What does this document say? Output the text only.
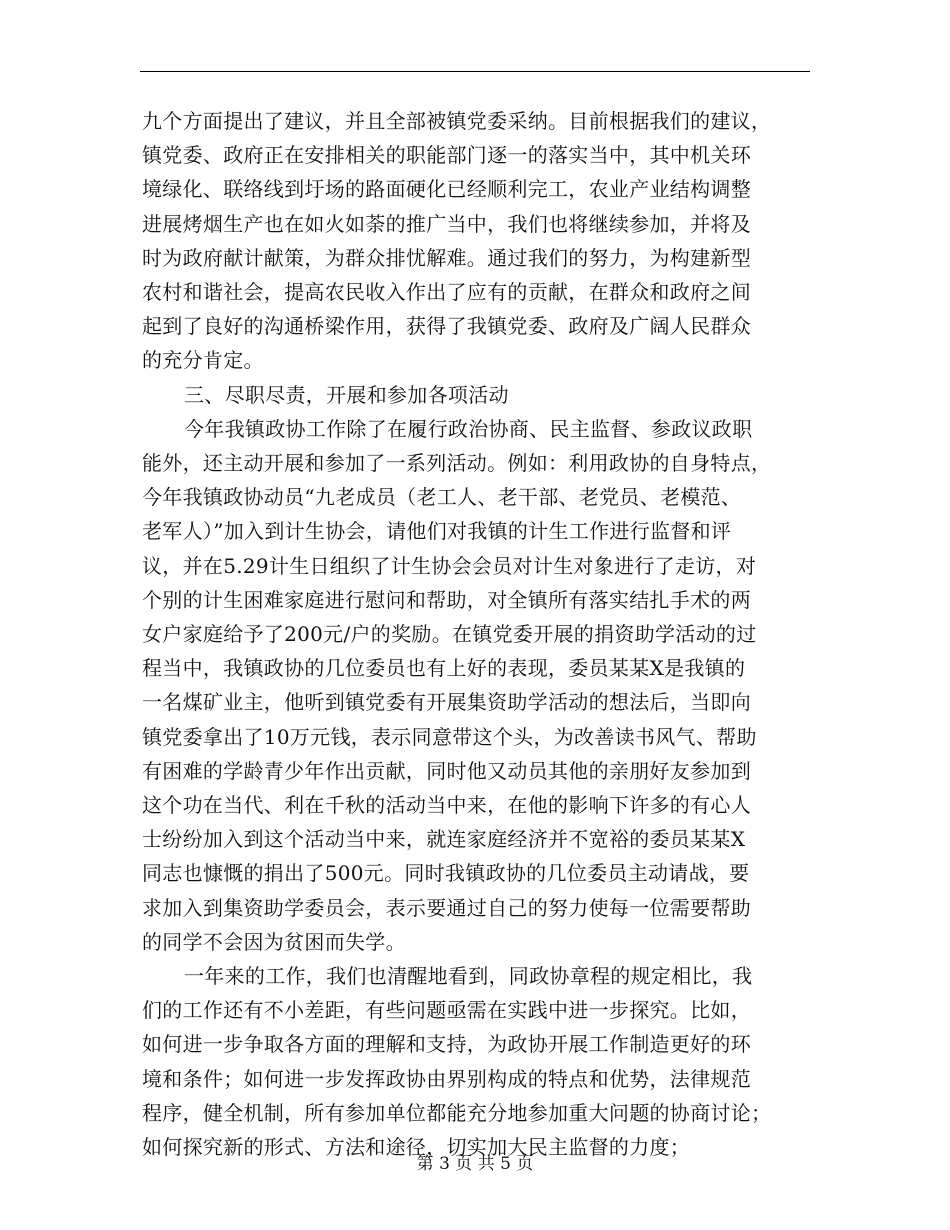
九个方面提出了建议，并且全部被镇党委采纳。目前根据我们的建议，
镇党委、政府正在安排相关的职能部门逐一的落实当中，其中机关环
境绿化、联络线到圩场的路面硬化已经顺利完工，农业产业结构调整
进展烤烟生产也在如火如荼的推广当中，我们也将继续参加，并将及
时为政府献计献策，为群众排忧解难。通过我们的努力，为构建新型
农村和谐社会，提高农民收入作出了应有的贡献，在群众和政府之间
起到了良好的沟通桥梁作用，获得了我镇党委、政府及广阔人民群众
的充分肯定。
三、尽职尽责，开展和参加各项活动
今年我镇政协工作除了在履行政治协商、民主监督、参政议政职
能外，还主动开展和参加了一系列活动。例如：利用政协的自身特点，
今年我镇政协动员“九老成员（老工人、老干部、老党员、老模范、
老军人）”加入到计生协会，请他们对我镇的计生工作进行监督和评
议，并在5.29计生日组织了计生协会会员对计生对象进行了走访，对
个别的计生困难家庭进行慰问和帮助，对全镇所有落实结扎手术的两
女户家庭给予了200元/户的奖励。在镇党委开展的捐资助学活动的过
程当中，我镇政协的几位委员也有上好的表现，委员某某X是我镇的
一名煤矿业主，他听到镇党委有开展集资助学活动的想法后，当即向
镇党委拿出了10万元钱，表示同意带这个头，为改善读书风气、帮助
有困难的学龄青少年作出贡献，同时他又动员其他的亲朋好友参加到
这个功在当代、利在千秋的活动当中来，在他的影响下许多的有心人
士纷纷加入到这个活动当中来，就连家庭经济并不宽裕的委员某某X
同志也慷慨的捐出了500元。同时我镇政协的几位委员主动请战，要
求加入到集资助学委员会，表示要通过自己的努力使每一位需要帮助
的同学不会因为贫困而失学。
一年来的工作，我们也清醒地看到，同政协章程的规定相比，我
们的工作还有不小差距，有些问题亟需在实践中进一步探究。比如，
如何进一步争取各方面的理解和支持，为政协开展工作制造更好的环
境和条件；如何进一步发挥政协由界别构成的特点和优势，法律规范
程序，健全机制，所有参加单位都能充分地参加重大问题的协商讨论；
如何探究新的形式、方法和途径，切实加大民主监督的力度；
第 3 页 共 5 页
